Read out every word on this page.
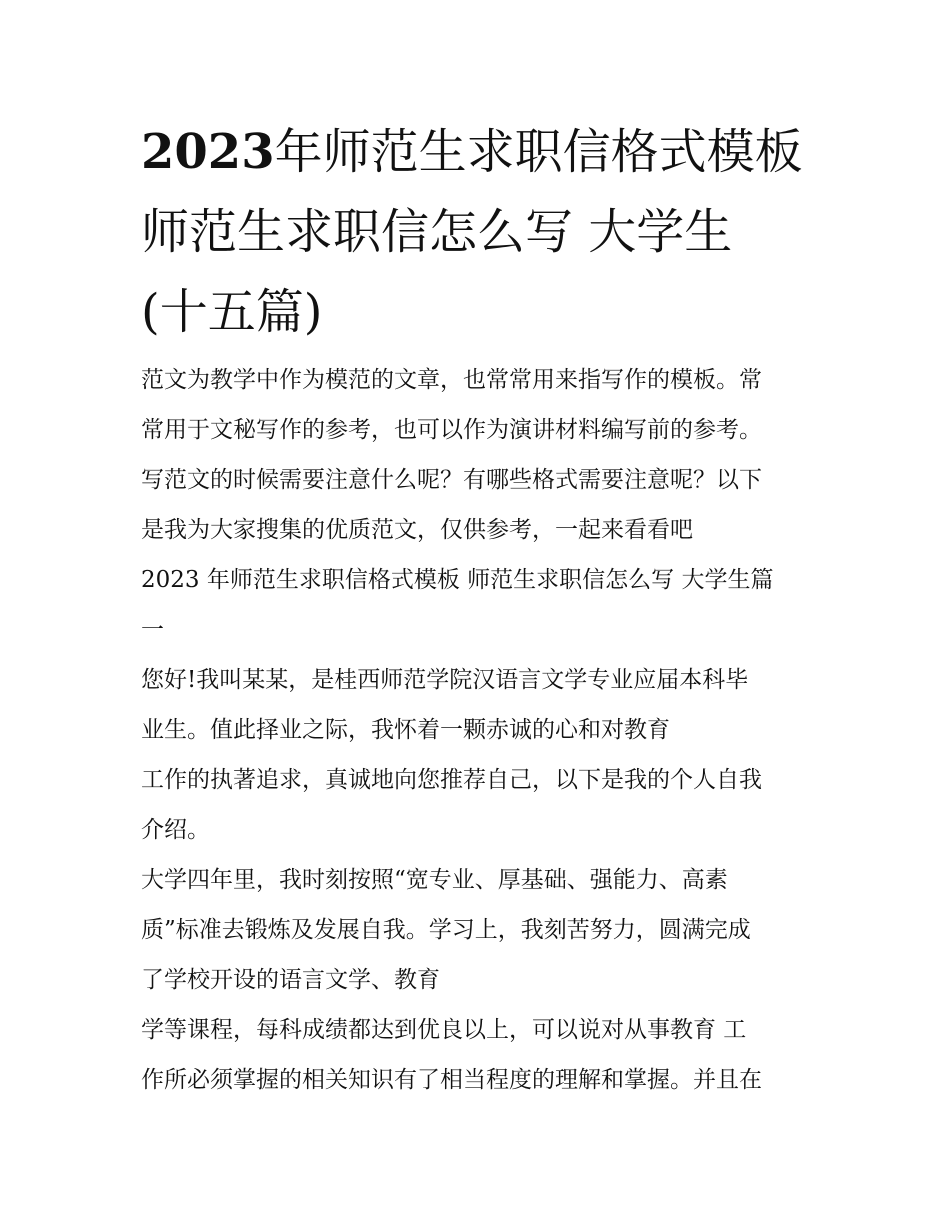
2023年师范生求职信格式模板
师范生求职信怎么写 大学生
(十五篇)
范文为教学中作为模范的文章，也常常用来指写作的模板。常
常用于文秘写作的参考，也可以作为演讲材料编写前的参考。
写范文的时候需要注意什么呢？有哪些格式需要注意呢？以下
是我为大家搜集的优质范文，仅供参考，一起来看看吧
2023 年师范生求职信格式模板 师范生求职信怎么写 大学生篇
一
您好!我叫某某，是桂西师范学院汉语言文学专业应届本科毕
业生。值此择业之际，我怀着一颗赤诚的心和对教育
工作的执著追求，真诚地向您推荐自己，以下是我的个人自我
介绍。
大学四年里，我时刻按照“宽专业、厚基础、强能力、高素
质”标准去锻炼及发展自我。学习上，我刻苦努力，圆满完成
了学校开设的语言文学、教育
学等课程，每科成绩都达到优良以上，可以说对从事教育 工
作所必须掌握的相关知识有了相当程度的理解和掌握。并且在
